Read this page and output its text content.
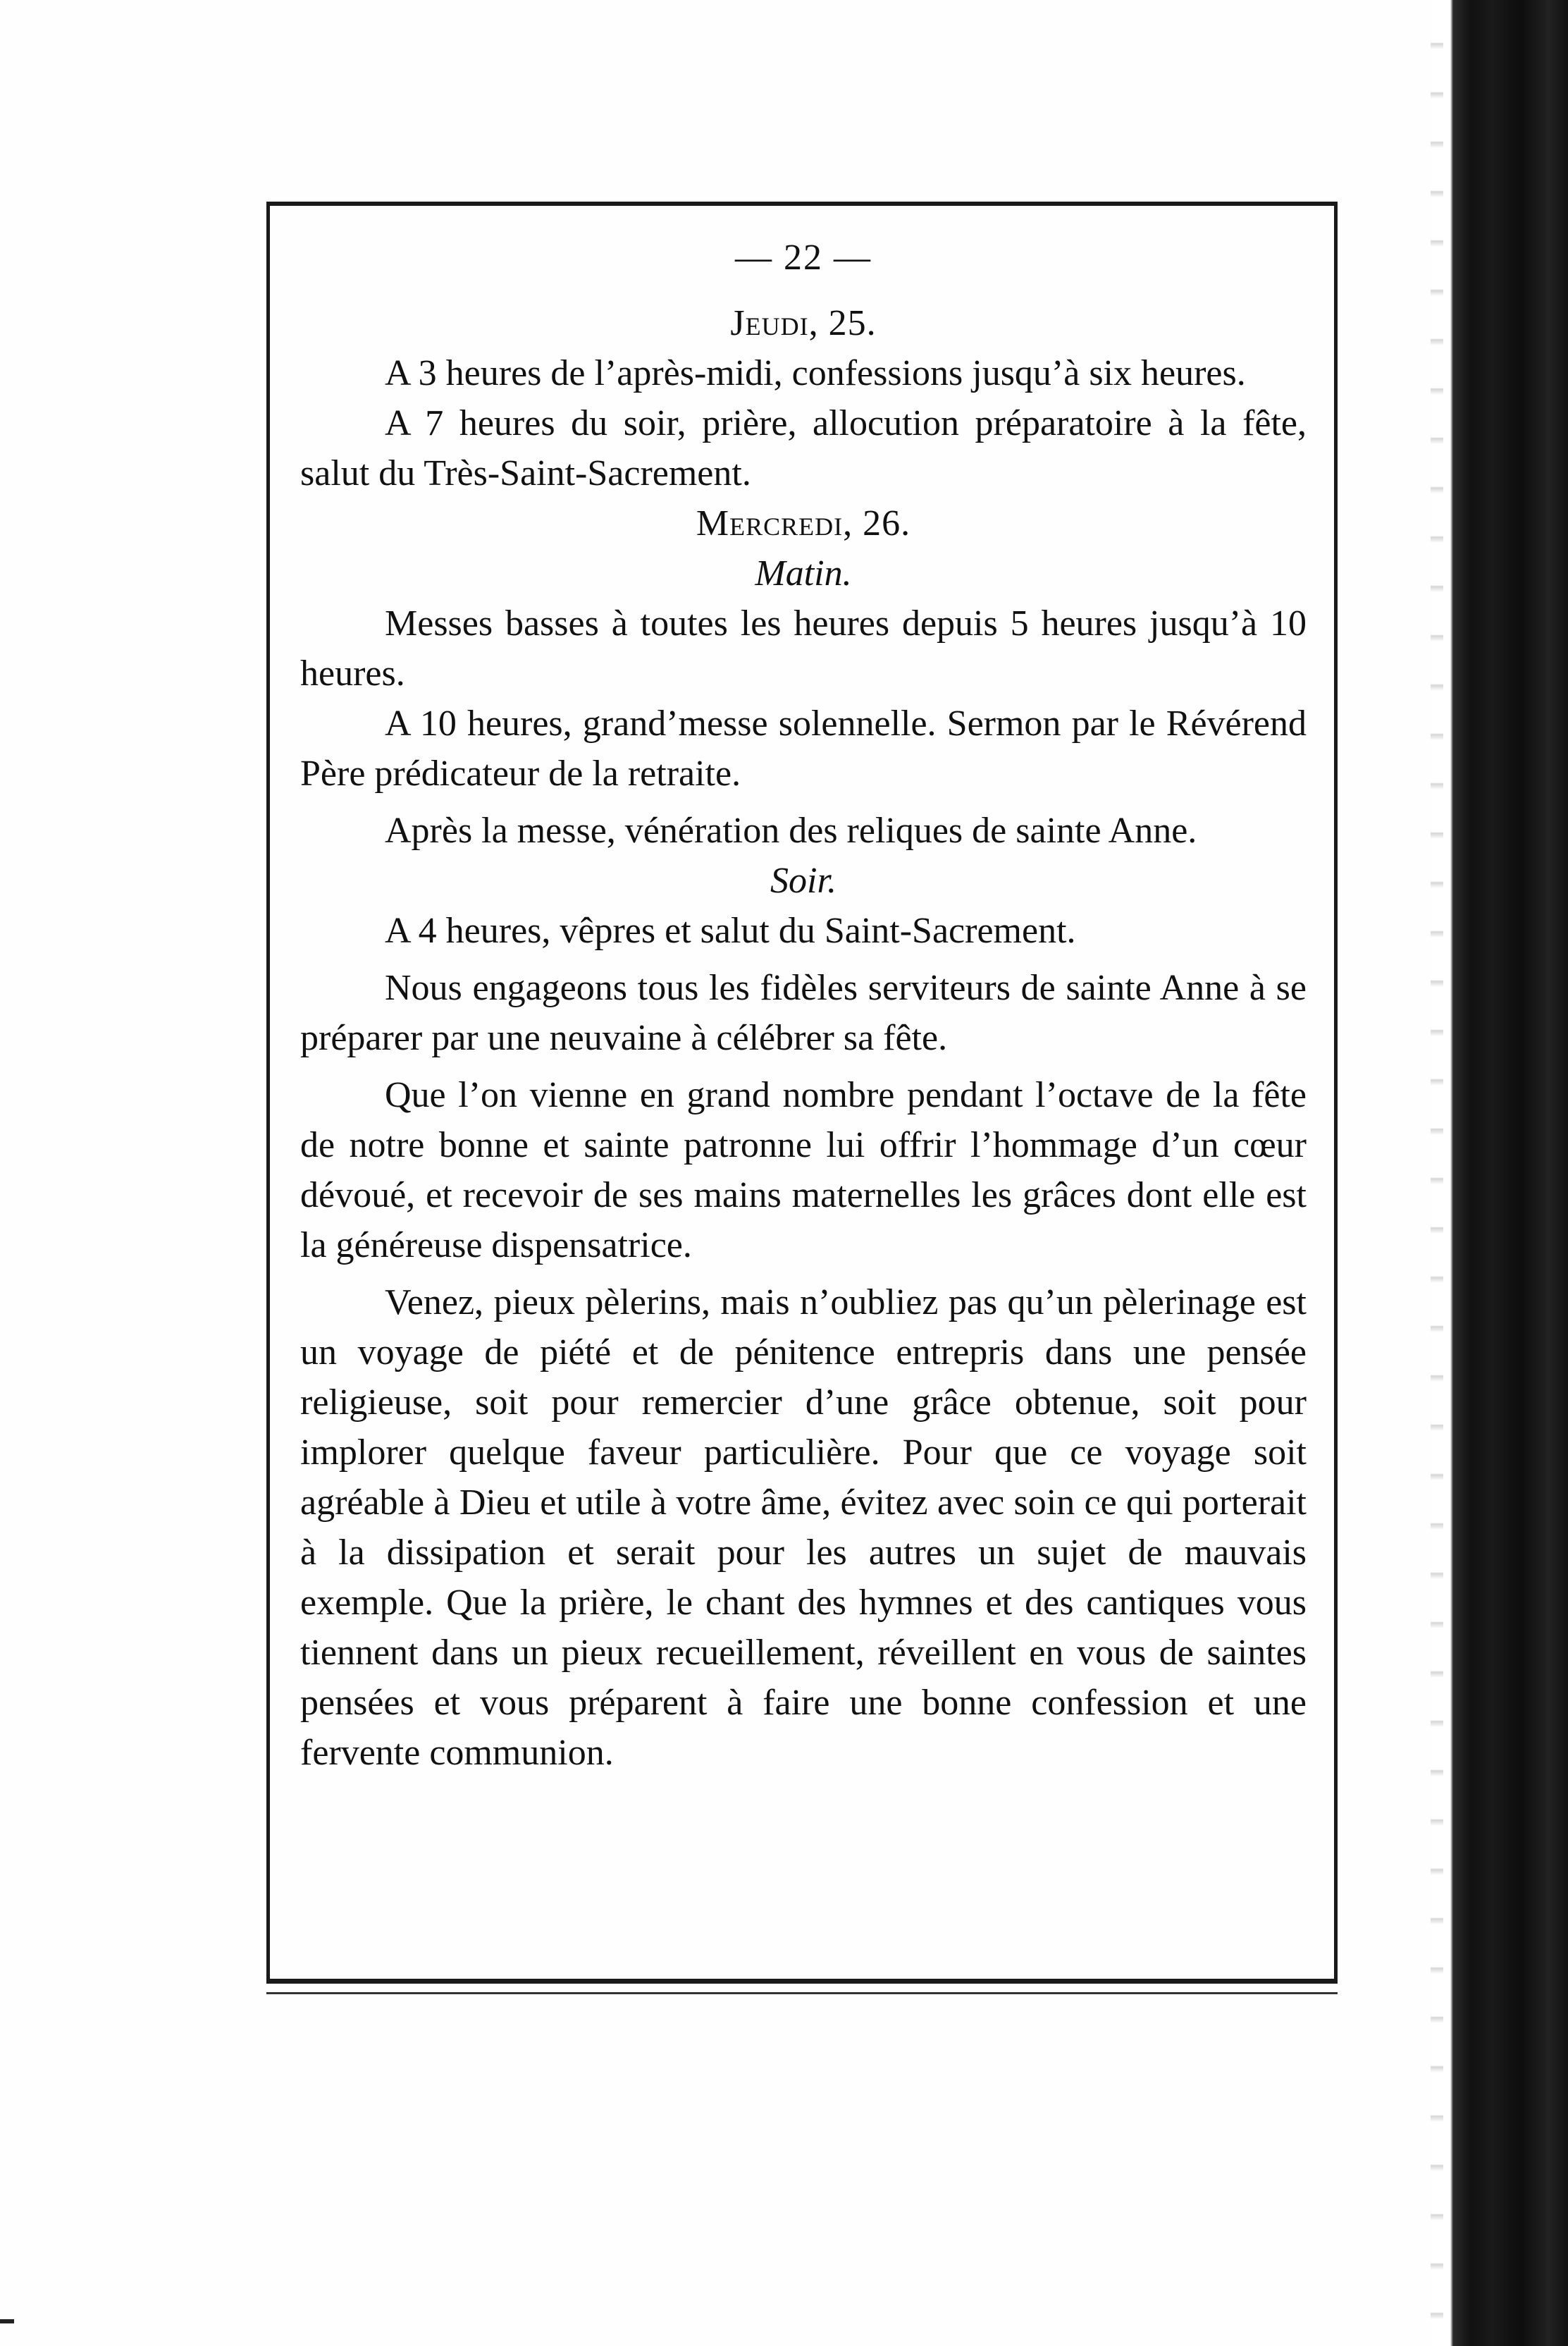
— 22 —
Jeudi, 25.

A 3 heures de l’après-midi, confessions jusqu’à six heures.

A 7 heures du soir, prière, allocution préparatoire à la fête, salut du Très-Saint-Sacrement.

Mercredi, 26.
Matin.

Messes basses à toutes les heures depuis 5 heures jusqu’à 10 heures.

A 10 heures, grand’messe solennelle. Sermon par le Révérend Père prédicateur de la retraite.

Après la messe, vénération des reliques de sainte Anne.

Soir.

A 4 heures, vêpres et salut du Saint-Sacrement.

Nous engageons tous les fidèles serviteurs de sainte Anne à se préparer par une neuvaine à célébrer sa fête.

Que l’on vienne en grand nombre pendant l’octave de la fête de notre bonne et sainte patronne lui offrir l’hommage d’un cœur dévoué, et recevoir de ses mains maternelles les grâces dont elle est la généreuse dispensatrice.

Venez, pieux pèlerins, mais n’oubliez pas qu’un pèlerinage est un voyage de piété et de pénitence entrepris dans une pensée religieuse, soit pour remercier d’une grâce obtenue, soit pour implorer quelque faveur particulière. Pour que ce voyage soit agréable à Dieu et utile à votre âme, évitez avec soin ce qui porterait à la dissipation et serait pour les autres un sujet de mauvais exemple. Que la prière, le chant des hymnes et des cantiques vous tiennent dans un pieux recueillement, réveillent en vous de saintes pensées et vous préparent à faire une bonne confession et une fervente communion.
